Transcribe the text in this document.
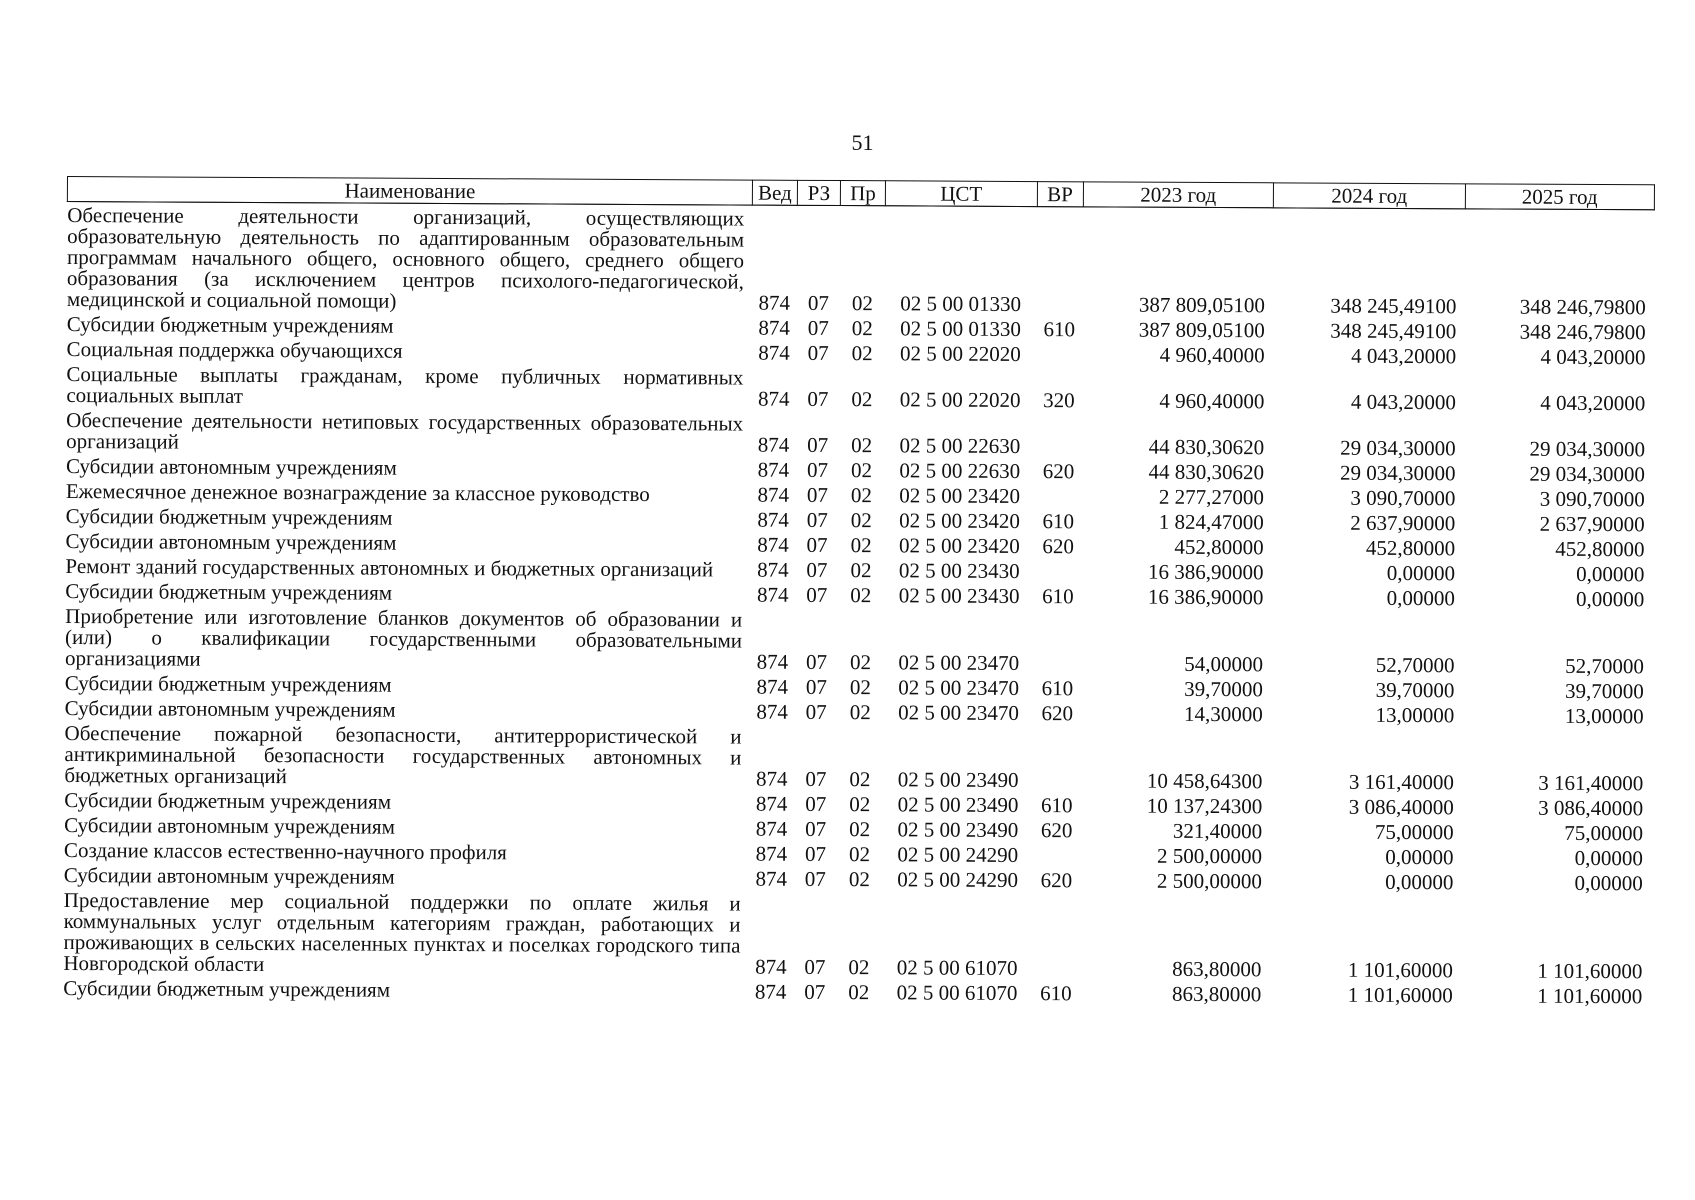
51
Наименование	Вед	РЗ	Пр	ЦСТ	ВР	2023 год	2024 год	2025 год
Обеспечение деятельности организаций, осуществляющих образовательную деятельность по адаптированным образовательным программам начального общего, основного общего, среднего общего образования (за исключением центров психолого-педагогической, медицинской и социальной помощи)	874	07	02	02 5 00 01330		387 809,05100	348 245,49100	348 246,79800
Субсидии бюджетным учреждениям	874	07	02	02 5 00 01330	610	387 809,05100	348 245,49100	348 246,79800
Социальная поддержка обучающихся	874	07	02	02 5 00 22020		4 960,40000	4 043,20000	4 043,20000
Социальные выплаты гражданам, кроме публичных нормативных социальных выплат	874	07	02	02 5 00 22020	320	4 960,40000	4 043,20000	4 043,20000
Обеспечение деятельности нетиповых государственных образовательных организаций	874	07	02	02 5 00 22630		44 830,30620	29 034,30000	29 034,30000
Субсидии автономным учреждениям	874	07	02	02 5 00 22630	620	44 830,30620	29 034,30000	29 034,30000
Ежемесячное денежное вознаграждение за классное руководство	874	07	02	02 5 00 23420		2 277,27000	3 090,70000	3 090,70000
Субсидии бюджетным учреждениям	874	07	02	02 5 00 23420	610	1 824,47000	2 637,90000	2 637,90000
Субсидии автономным учреждениям	874	07	02	02 5 00 23420	620	452,80000	452,80000	452,80000
Ремонт зданий государственных автономных и бюджетных организаций	874	07	02	02 5 00 23430		16 386,90000	0,00000	0,00000
Субсидии бюджетным учреждениям	874	07	02	02 5 00 23430	610	16 386,90000	0,00000	0,00000
Приобретение или изготовление бланков документов об образовании и (или) о квалификации государственными образовательными организациями	874	07	02	02 5 00 23470		54,00000	52,70000	52,70000
Субсидии бюджетным учреждениям	874	07	02	02 5 00 23470	610	39,70000	39,70000	39,70000
Субсидии автономным учреждениям	874	07	02	02 5 00 23470	620	14,30000	13,00000	13,00000
Обеспечение пожарной безопасности, антитеррористической и антикриминальной безопасности государственных автономных и бюджетных организаций	874	07	02	02 5 00 23490		10 458,64300	3 161,40000	3 161,40000
Субсидии бюджетным учреждениям	874	07	02	02 5 00 23490	610	10 137,24300	3 086,40000	3 086,40000
Субсидии автономным учреждениям	874	07	02	02 5 00 23490	620	321,40000	75,00000	75,00000
Создание классов естественно-научного профиля	874	07	02	02 5 00 24290		2 500,00000	0,00000	0,00000
Субсидии автономным учреждениям	874	07	02	02 5 00 24290	620	2 500,00000	0,00000	0,00000
Предоставление мер социальной поддержки по оплате жилья и коммунальных услуг отдельным категориям граждан, работающих и проживающих в сельских населенных пунктах и поселках городского типа Новгородской области	874	07	02	02 5 00 61070		863,80000	1 101,60000	1 101,60000
Субсидии бюджетным учреждениям	874	07	02	02 5 00 61070	610	863,80000	1 101,60000	1 101,60000
